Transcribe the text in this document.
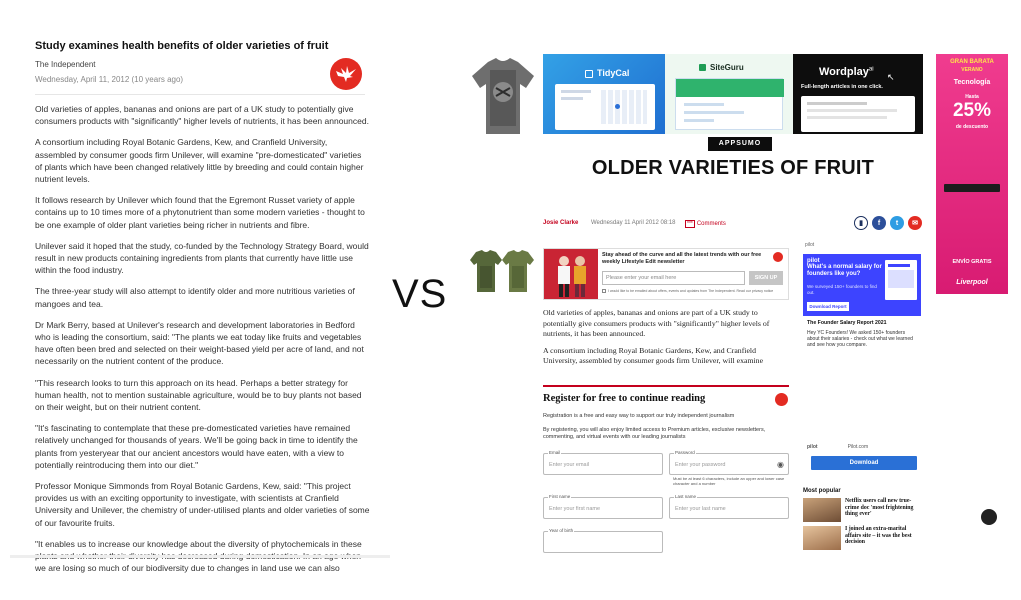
Study examines health benefits of older varieties of fruit
The Independent
Wednesday, April 11, 2012 (10 years ago)

Old varieties of apples, bananas and onions are part of a UK study to potentially give consumers products with "significantly" higher levels of nutrients, it has been announced.

A consortium including Royal Botanic Gardens, Kew, and Cranfield University, assembled by consumer goods firm Unilever, will examine "pre-domesticated" varieties of plants which have been changed relatively little by breeding and could contain higher nutrient levels.

It follows research by Unilever which found that the Egremont Russet variety of apple contains up to 10 times more of a phytonutrient than some modern varieties - thought to be one example of older plant varieties being richer in nutrients and fibre.

Unilever said it hoped that the study, co-funded by the Technology Strategy Board, would result in new products containing ingredients from plants that currently have little use within the food industry.

The three-year study will also attempt to identify older and more nutritious varieties of mangoes and tea.

Dr Mark Berry, based at Unilever's research and development laboratories in Bedford who is leading the consortium, said: "The plants we eat today like fruits and vegetables have often been bred and selected on their weight-based yield per acre of land, and not necessarily on the nutrient content of the produce.

"This research looks to turn this approach on its head. Perhaps a better strategy for human health, not to mention sustainable agriculture, would be to buy plants not based on their weight, but on their nutrient content.

"It's fascinating to contemplate that these pre-domesticated varieties have remained relatively unchanged for thousands of years. We'll be going back in time to identify the plants from yesteryear that our ancient ancestors would have eaten, with a view to potentially reintroducing them into our diet."

Professor Monique Simmonds from Royal Botanic Gardens, Kew, said: "This project provides us with an exciting opportunity to investigate, with scientists at Cranfield University and Unilever, the chemistry of under-utilised plants and older varieties of some of our favourite fruits.

"It enables us to increase our knowledge about the diversity of phytochemicals in these we are losing so much of our biodiversity due to changes in land use we can also

VS
TidyCal
SiteGuru	Wordplay$^{ai}$
↖
Full-length articles in one click.
APPSUMO
OLDER VARIETIES OF FRUIT
GRAN BARATA
VERANO
Tecnología
Hasta
25%
de descuento
ENVÍO GRATIS
Liverpool
Josie Clarke Wednesday 11 April 2012 08:18	*** Comments	▮	f	t	✉
Stay ahead of the curve and all the latest trends with our free weekly Lifestyle Edit newsletter
Please enter your email here	SIGN UP
I would like to be emailed about offers, events and updates from The Independent. Read our privacy notice

Old varieties of apples, bananas and onions are part of a UK study to potentially give consumers products with "significantly" higher levels of nutrients, it has been announced.

A consortium including Royal Botanic Gardens, Kew, and Cranfield University, assembled by consumer goods firm Unilever, will examine

Register for free to continue reading
Registration is a free and easy way to support our truly independent journalism
By registering, you will also enjoy limited access to Premium articles, exclusive newsletters, commenting, and virtual events with our leading journalists
Email
Enter your email
Password
Enter your password	◉
Must be at least 6 characters, include an upper and lower case character and a number
First name
Enter your first name
Last name
Enter your last name
Year of birth
pilot
pilot
Download Report
What's a normal salary for founders like you?
We surveyed 150+ founders to find out.
The Founder Salary Report 2021
Hey YC Founders! We asked 150+ founders about their salaries - check out what we learned and see how you compare.
pilot	Pilot.com
Download
Most popular
Netflix users call new true-crime doc 'most frightening thing ever'
I joined an extra-marital affairs site – it was the best decision
